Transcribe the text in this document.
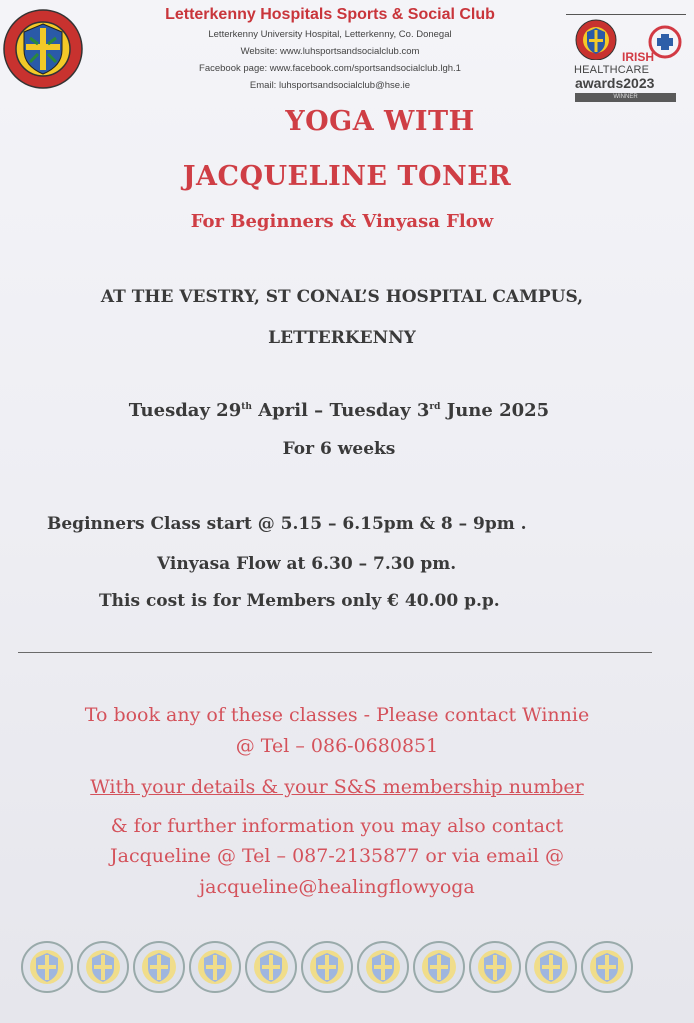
Letterkenny Hospitals Sports & Social Club
Letterkenny University Hospital, Letterkenny, Co. Donegal
Website: www.luhsportsandsocialclub.com
Facebook page: www.facebook.com/sportsandsocialclub.lgh.1
Email: luhsportsandsocialclub@hse.ie
IRISH
HEALTHCARE
awards2023
WINNER
YOGA WITH
JACQUELINE TONER
For Beginners & Vinyasa Flow
AT THE VESTRY, ST CONAL’S HOSPITAL CAMPUS,
LETTERKENNY
Tuesday 29th April – Tuesday 3rd June 2025
For 6 weeks
Beginners Class start @ 5.15 – 6.15pm & 8 – 9pm .
Vinyasa Flow at 6.30 – 7.30 pm.
This cost is for Members only € 40.00 p.p.
To book any of these classes - Please contact Winnie
@ Tel – 086-0680851
With your details & your S&S membership number
& for further information you may also contact
Jacqueline @ Tel – 087-2135877 or via email @
jacqueline@healingflowyoga
